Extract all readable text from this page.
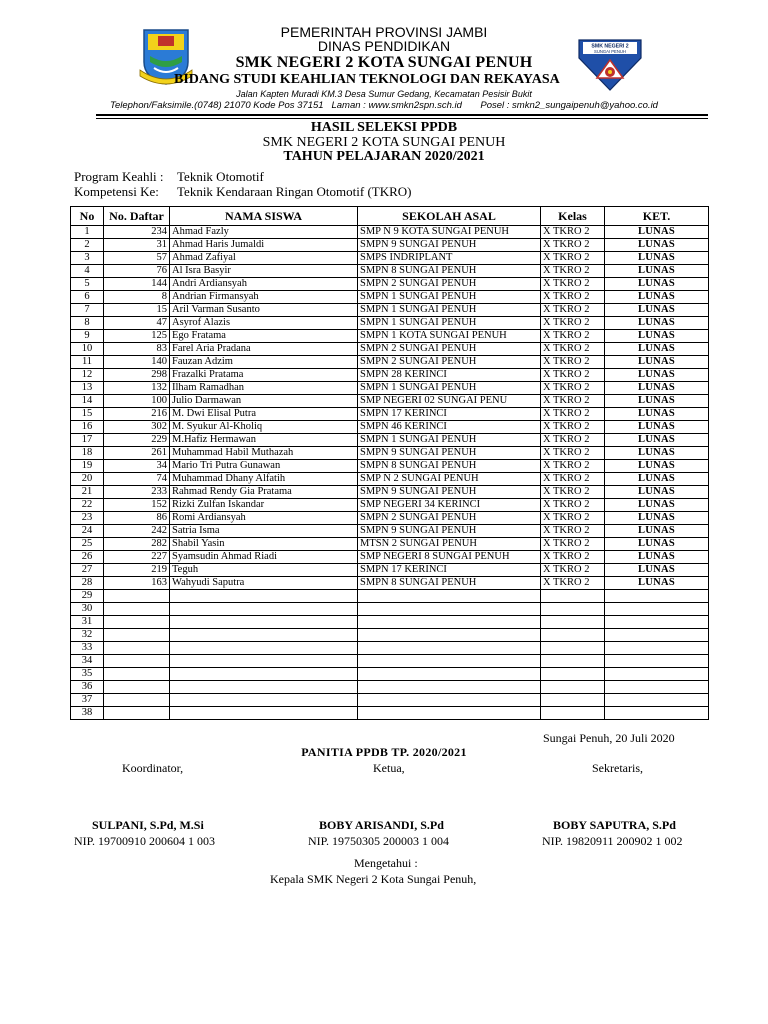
SMK NEGERI 2
SUNGAI PENUH
PEMERINTAH PROVINSI JAMBI
DINAS PENDIDIKAN
SMK NEGERI 2 KOTA SUNGAI PENUH
BIDANG STUDI KEAHLIAN TEKNOLOGI DAN REKAYASA
Jalan Kapten Muradi KM.3 Desa Sumur Gedang, Kecamatan Pesisir Bukit
Telephon/Faksimile.(0748) 21070 Kode Pos 37151   Laman : www.smkn2spn.sch.id       Posel : smkn2_sungaipenuh@yahoo.co.id
HASIL SELEKSI PPDB
SMK NEGERI 2 KOTA SUNGAI PENUH
TAHUN PELAJARAN 2020/2021
Program Keahli : Teknik Otomotif
Kompetensi Ke: Teknik Kendaraan Ringan Otomotif (TKRO)
No	No. Daftar	NAMA SISWA	SEKOLAH ASAL	Kelas	KET.
1	234	Ahmad Fazly	SMP N 9 KOTA SUNGAI PENUH	X TKRO 2	LUNAS
2	31	Ahmad Haris Jumaldi	SMPN 9 SUNGAI PENUH	X TKRO 2	LUNAS
3	57	Ahmad Zafiyal	SMPS INDRIPLANT	X TKRO 2	LUNAS
4	76	Al Isra Basyir	SMPN 8 SUNGAI PENUH	X TKRO 2	LUNAS
5	144	Andri Ardiansyah	SMPN 2 SUNGAI PENUH	X TKRO 2	LUNAS
6	8	Andrian Firmansyah	SMPN 1 SUNGAI PENUH	X TKRO 2	LUNAS
7	15	Aril Varman Susanto	SMPN 1 SUNGAI PENUH	X TKRO 2	LUNAS
8	47	Asyrof Alazis	SMPN 1 SUNGAI PENUH	X TKRO 2	LUNAS
9	125	Ego Fratama	SMPN 1 KOTA SUNGAI PENUH	X TKRO 2	LUNAS
10	83	Farel Aria Pradana	SMPN 2 SUNGAI PENUH	X TKRO 2	LUNAS
11	140	Fauzan Adzim	SMPN 2 SUNGAI PENUH	X TKRO 2	LUNAS
12	298	Frazalki Pratama	SMPN 28 KERINCI	X TKRO 2	LUNAS
13	132	Ilham Ramadhan	SMPN 1 SUNGAI PENUH	X TKRO 2	LUNAS
14	100	Julio Darmawan	SMP NEGERI 02 SUNGAI PENU	X TKRO 2	LUNAS
15	216	M. Dwi Elisal Putra	SMPN 17 KERINCI	X TKRO 2	LUNAS
16	302	M. Syukur Al-Kholiq	SMPN 46 KERINCI	X TKRO 2	LUNAS
17	229	M.Hafiz Hermawan	SMPN 1 SUNGAI PENUH	X TKRO 2	LUNAS
18	261	Muhammad Habil Muthazah	SMPN 9 SUNGAI PENUH	X TKRO 2	LUNAS
19	34	Mario Tri Putra Gunawan	SMPN 8 SUNGAI PENUH	X TKRO 2	LUNAS
20	74	Muhammad Dhany Alfatih	SMP N 2 SUNGAI PENUH	X TKRO 2	LUNAS
21	233	Rahmad Rendy Gia Pratama	SMPN 9 SUNGAI PENUH	X TKRO 2	LUNAS
22	152	Rizki Zulfan Iskandar	SMP NEGERI 34 KERINCI	X TKRO 2	LUNAS
23	86	Romi Ardiansyah	SMPN 2 SUNGAI PENUH	X TKRO 2	LUNAS
24	242	Satria Isma	SMPN 9 SUNGAI PENUH	X TKRO 2	LUNAS
25	282	Shabil Yasin	MTSN 2 SUNGAI PENUH	X TKRO 2	LUNAS
26	227	Syamsudin Ahmad Riadi	SMP NEGERI 8 SUNGAI PENUH	X TKRO 2	LUNAS
27	219	Teguh	SMPN 17 KERINCI	X TKRO 2	LUNAS
28	163	Wahyudi Saputra	SMPN 8 SUNGAI PENUH	X TKRO 2	LUNAS
29					
30					
31					
32					
33					
34					
35					
36					
37					
38					
Sungai Penuh, 20 Juli 2020
PANITIA PPDB TP. 2020/2021
Koordinator,	Ketua,	Sekretaris,
SULPANI, S.Pd, M.Si	BOBY ARISANDI, S.Pd	BOBY SAPUTRA, S.Pd
NIP. 19700910 200604 1 003	NIP. 19750305 200003 1 004	NIP. 19820911 200902 1 002
Mengetahui :
Kepala SMK Negeri 2 Kota Sungai Penuh,
